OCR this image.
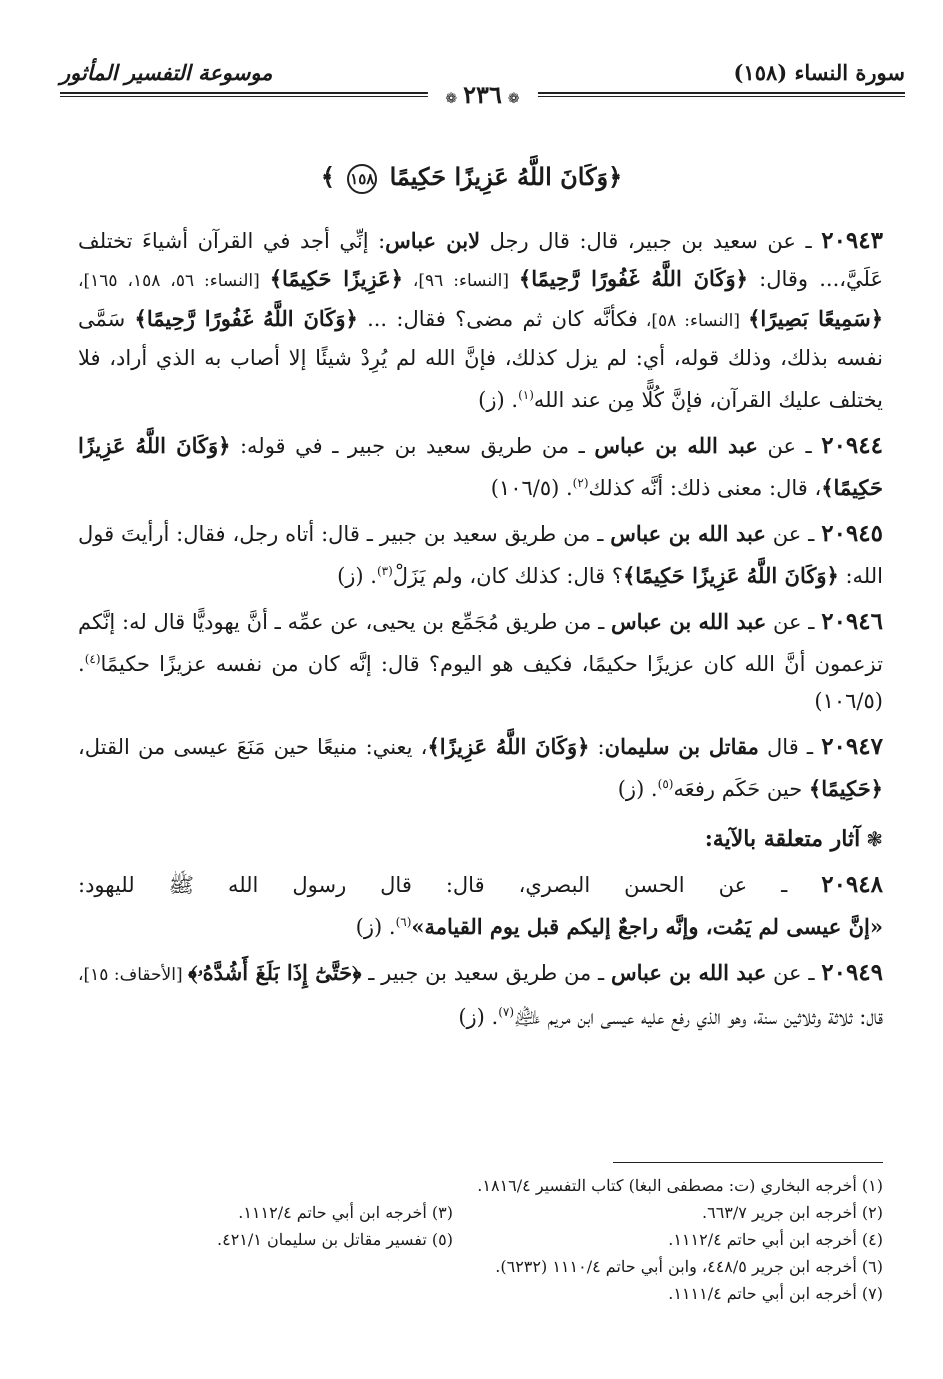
سورة النساء (١٥٨)
موسوعة التفسير المأثور
❁٢٣٦❁
﴿وَكَانَ اللَّهُ عَزِيزًا حَكِيمًا ١٥٨ ﴾

٢٠٩٤٣ ـ عن سعيد بن جبير، قال: قال رجل لابن عباس: إنِّي أجد في القرآن أشياءَ تختلف عَلَيَّ،... وقال: ﴿وَكَانَ اللَّهُ غَفُورًا رَّحِيمًا﴾ [النساء: ٩٦]، ﴿عَزِيزًا حَكِيمًا﴾ [النساء: ٥٦، ١٥٨، ١٦٥]، ﴿سَمِيعًا بَصِيرًا﴾ [النساء: ٥٨]، فكأنَّه كان ثم مضى؟ فقال: ... ﴿وَكَانَ اللَّهُ غَفُورًا رَّحِيمًا﴾ سَمَّى نفسه بذلك، وذلك قوله، أي: لم يزل كذلك، فإنَّ الله لم يُرِدْ شيئًا إلا أصاب به الذي أراد، فلا يختلف عليك القرآن، فإنَّ كُلًّا مِن عند الله$^{(١)}$. (ز)

٢٠٩٤٤ ـ عن عبد الله بن عباس ـ من طريق سعيد بن جبير ـ في قوله: ﴿وَكَانَ اللَّهُ عَزِيزًا حَكِيمًا﴾، قال: معنى ذلك: أنَّه كذلك$^{(٢)}$. (١٠٦/٥)

٢٠٩٤٥ ـ عن عبد الله بن عباس ـ من طريق سعيد بن جبير ـ قال: أتاه رجل، فقال: أرأيتَ قول الله: ﴿وَكَانَ اللَّهُ عَزِيزًا حَكِيمًا﴾؟ قال: كذلك كان، ولم يَزَلْ$^{(٣)}$. (ز)

٢٠٩٤٦ ـ عن عبد الله بن عباس ـ من طريق مُجَمِّع بن يحيى، عن عمِّه ـ أنَّ يهوديًّا قال له: إنَّكم تزعمون أنَّ الله كان عزيزًا حكيمًا، فكيف هو اليوم؟ قال: إنَّه كان من نفسه عزيزًا حكيمًا$^{(٤)}$. (١٠٦/٥)

٢٠٩٤٧ ـ قال مقاتل بن سليمان: ﴿وَكَانَ اللَّهُ عَزِيزًا﴾، يعني: منيعًا حين مَنَعَ عيسى من القتل، ﴿حَكِيمًا﴾ حين حَكَم رفعَه$^{(٥)}$. (ز)

❃آثار متعلقة بالآية:

٢٠٩٤٨ ـ عن الحسن البصري، قال: قال رسول الله ﷺ لليهود: «إنَّ عيسى لم يَمُت، وإنَّه راجعٌ إليكم قبل يوم القيامة»$^{(٦)}$. (ز)

٢٠٩٤٩ ـ عن عبد الله بن عباس ـ من طريق سعيد بن جبير ـ ﴿حَتَّىٰٓ إِذَا بَلَغَ أَشُدَّهُۥ﴾ [الأحقاف: ١٥]، قال: ثلاثة وثلاثين سنة، وهو الذي رفع عليه عيسى ابن مريم ﵇$^{(٧)}$. (ز)

(١) أخرجه البخاري (ت: مصطفى البغا) كتاب التفسير ١٨١٦/٤.
(٢) أخرجه ابن جرير ٦٦٣/٧.
(٣) أخرجه ابن أبي حاتم ١١١٢/٤.
(٤) أخرجه ابن أبي حاتم ١١١٢/٤.
(٥) تفسير مقاتل بن سليمان ٤٢١/١.
(٦) أخرجه ابن جرير ٤٤٨/٥، وابن أبي حاتم ١١١٠/٤ (٦٢٣٢).
(٧) أخرجه ابن أبي حاتم ١١١١/٤.
